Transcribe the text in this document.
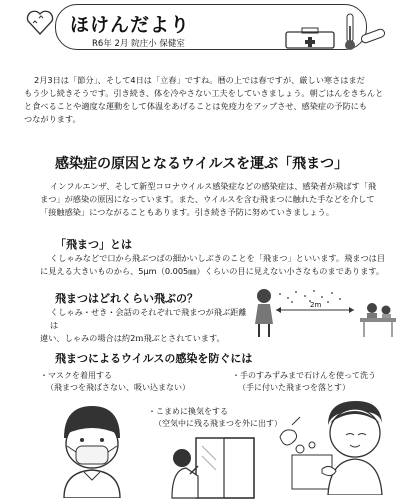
ほけんだより
R6年 2月 院庄小 保健室
2月3日は「節分」、そして4日は「立春」ですね。暦の上では春ですが、厳しい寒さはまだ
もう少し続きそうです。引き続き、体を冷やさない工夫をしていきましょう。朝ごはんをきちんと
と食べることや適度な運動をして体温をあげることは免疫力をアップさせ、感染症の予防にも
つながります。
感染症の原因となるウイルスを運ぶ「飛まつ」
インフルエンザ、そして新型コロナウイルス感染症などの感染症は、感染者が飛ばす「飛
まつ」が感染の原因になっています。また、ウイルスを含む飛まつに触れた手などを介して
「接触感染」につながることもあります。引き続き予防に努めていきましょう。
「飛まつ」とは
くしゃみなどで口から飛ぶつばの細かいしぶきのことを「飛まつ」といいます。飛まつは目
に見える大きいものから、5μm（0.005㎜）くらいの目に見えない小さなものまであります。
飛まつはどれくらい飛ぶの？
くしゃみ・せき・会話のそれぞれで飛まつが飛ぶ距離は
違い、しゃみの場合は約2ｍ飛ぶとされています。
2m
飛まつによるウイルスの感染を防ぐには
・マスクを着用する
（飛まつを飛ばさない、吸い込まない）
・手のすみずみまで石けんを使って洗う
（手に付いた飛まつを落とす）
・こまめに換気をする
（空気中に残る飛まつを外に出す）
